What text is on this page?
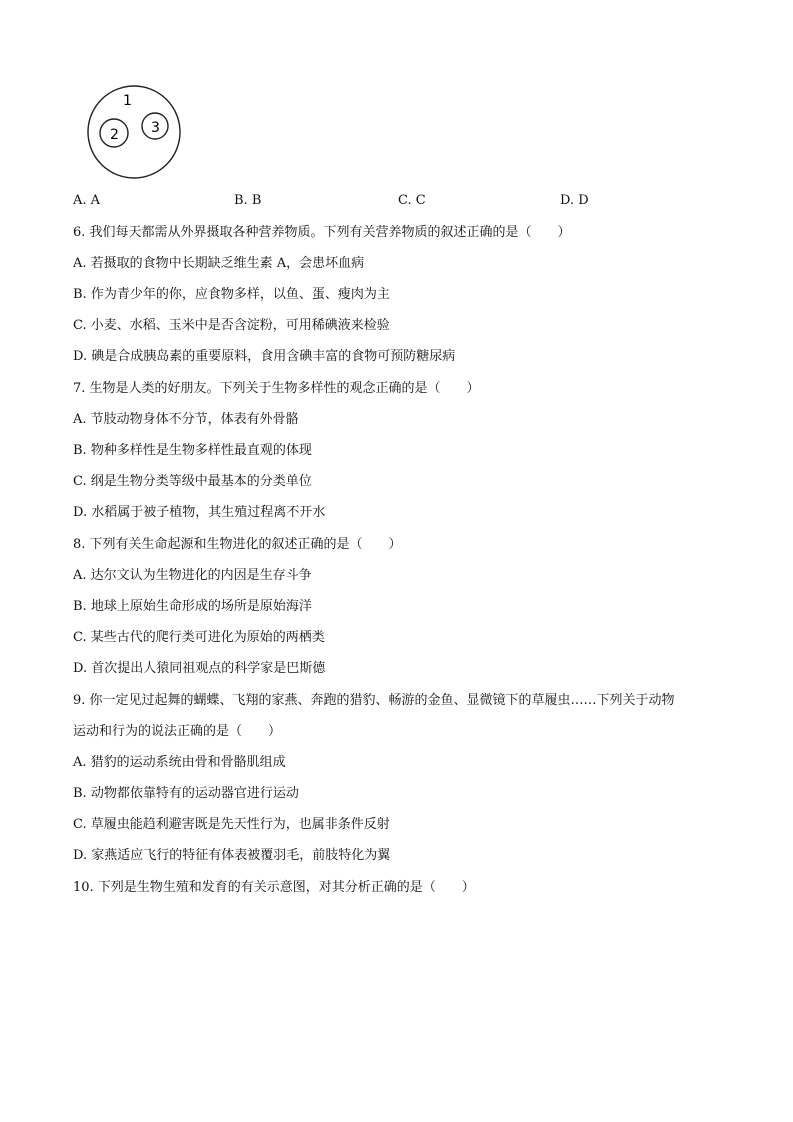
1
2 3
A. A	B. B	C. C	D. D
6. 我们每天都需从外界摄取各种营养物质。下列有关营养物质的叙述正确的是（　　）
A. 若摄取的食物中长期缺乏维生素 A，会患坏血病
B. 作为青少年的你，应食物多样，以鱼、蛋、瘦肉为主
C. 小麦、水稻、玉米中是否含淀粉，可用稀碘液来检验
D. 碘是合成胰岛素的重要原料，食用含碘丰富的食物可预防糖尿病
7. 生物是人类的好朋友。下列关于生物多样性的观念正确的是（　　）
A. 节肢动物身体不分节，体表有外骨骼
B. 物种多样性是生物多样性最直观的体现
C. 纲是生物分类等级中最基本的分类单位
D. 水稻属于被子植物，其生殖过程离不开水
8. 下列有关生命起源和生物进化的叙述正确的是（　　）
A. 达尔文认为生物进化的内因是生存斗争
B. 地球上原始生命形成的场所是原始海洋
C. 某些古代的爬行类可进化为原始的两栖类
D. 首次提出人猿同祖观点的科学家是巴斯德
9. 你一定见过起舞的蝴蝶、飞翔的家燕、奔跑的猎豹、畅游的金鱼、显微镜下的草履虫……下列关于动物
运动和行为的说法正确的是（　　）
A. 猎豹的运动系统由骨和骨骼肌组成
B. 动物都依靠特有的运动器官进行运动
C. 草履虫能趋利避害既是先天性行为，也属非条件反射
D. 家燕适应飞行的特征有体表被覆羽毛，前肢特化为翼
10. 下列是生物生殖和发育的有关示意图，对其分析正确的是（　　）
